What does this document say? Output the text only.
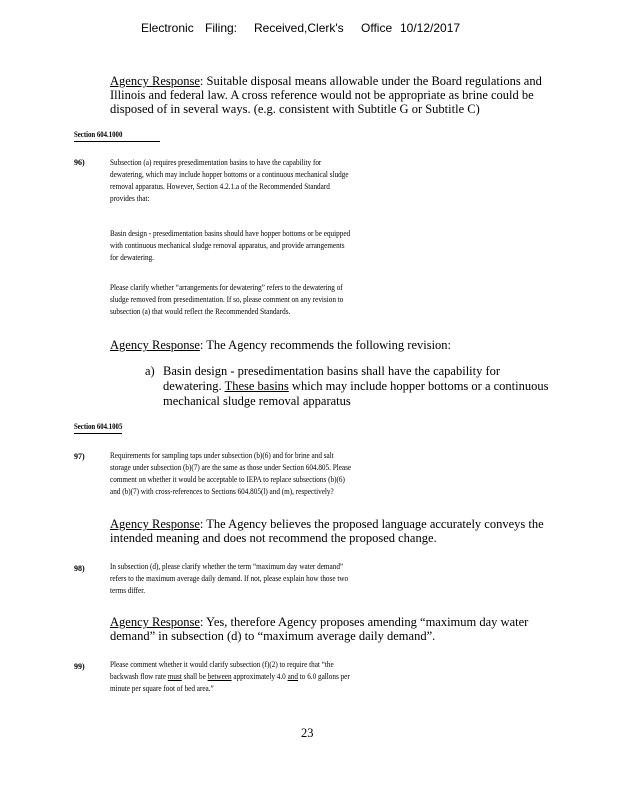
Electronic Filing: Received,Clerk's Office 10/12/2017
Agency Response: Suitable disposal means allowable under the Board regulations and
Illinois and federal law. A cross reference would not be appropriate as brine could be
disposed of in several ways. (e.g. consistent with Subtitle G or Subtitle C)
Section 604.1000
96)	Subsection (a) requires presedimentation basins to have the capability for
dewatering, which may include hopper bottoms or a continuous mechanical sludge
removal apparatus. However, Section 4.2.1.a of the Recommended Standard
provides that:
Basin design - presedimentation basins should have hopper bottoms or be equipped
with continuous mechanical sludge removal apparatus, and provide arrangements
for dewatering.
Please clarify whether “arrangements for dewatering” refers to the dewatering of
sludge removed from presedimentation. If so, please comment on any revision to
subsection (a) that would reflect the Recommended Standards.
Agency Response: The Agency recommends the following revision:
a) Basin design - presedimentation basins shall have the capability for
dewatering. These basins which may include hopper bottoms or a continuous
mechanical sludge removal apparatus
Section 604.1005
97)	Requirements for sampling taps under subsection (b)(6) and for brine and salt
storage under subsection (b)(7) are the same as those under Section 604.805. Please
comment on whether it would be acceptable to IEPA to replace subsections (b)(6)
and (b)(7) with cross-references to Sections 604.805(l) and (m), respectively?
Agency Response: The Agency believes the proposed language accurately conveys the
intended meaning and does not recommend the proposed change.
98)	In subsection (d), please clarify whether the term “maximum day water demand”
refers to the maximum average daily demand. If not, please explain how those two
terms differ.
Agency Response: Yes, therefore Agency proposes amending “maximum day water
demand” in subsection (d) to “maximum average daily demand”.
99)	Please comment whether it would clarify subsection (f)(2) to require that “the
backwash flow rate must shall be between approximately 4.0 and to 6.0 gallons per
minute per square foot of bed area.”
23
